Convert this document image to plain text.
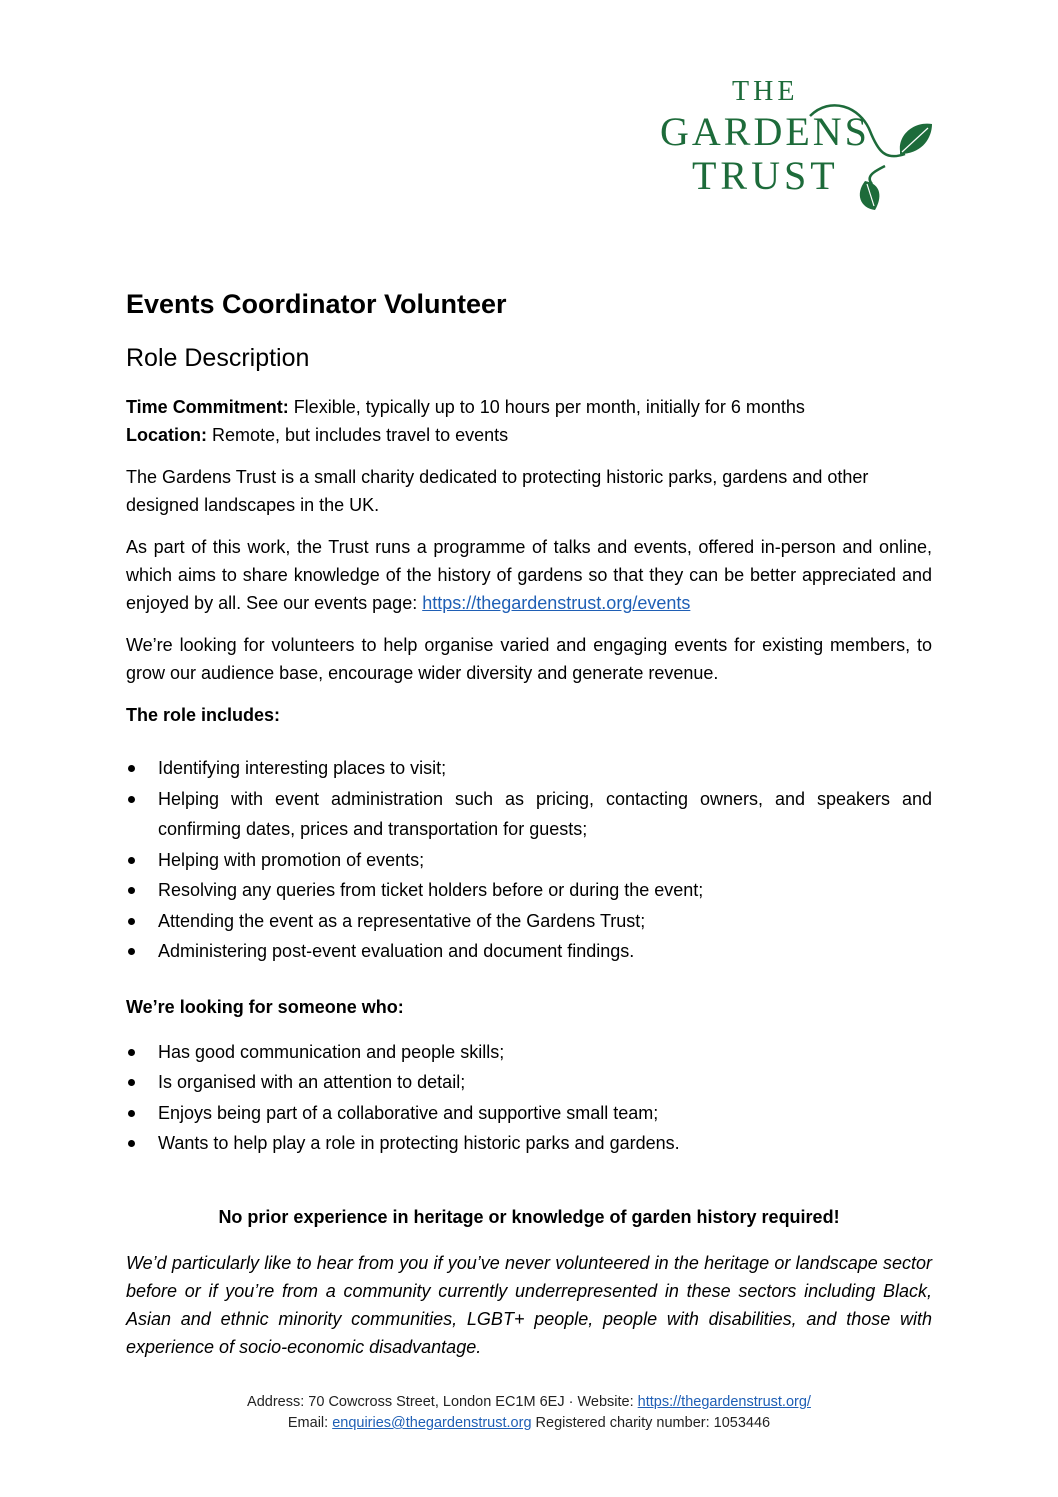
THE
GARDENS
TRUST
Events Coordinator Volunteer
Role Description

Time Commitment: Flexible, typically up to 10 hours per month, initially for 6 months

Location: Remote, but includes travel to events

The Gardens Trust is a small charity dedicated to protecting historic parks, gardens and other designed landscapes in the UK.

As part of this work, the Trust runs a programme of talks and events, offered in-person and online, which aims to share knowledge of the history of gardens so that they can be better appreciated and enjoyed by all. See our events page: https://thegardenstrust.org/events

We’re looking for volunteers to help organise varied and engaging events for existing members, to grow our audience base, encourage wider diversity and generate revenue.

The role includes:

Identifying interesting places to visit;
Helping with event administration such as pricing, contacting owners, and speakers and confirming dates, prices and transportation for guests;
Helping with promotion of events;
Resolving any queries from ticket holders before or during the event;
Attending the event as a representative of the Gardens Trust;
Administering post-event evaluation and document findings.

We’re looking for someone who:

Has good communication and people skills;
Is organised with an attention to detail;
Enjoys being part of a collaborative and supportive small team;
Wants to help play a role in protecting historic parks and gardens.

No prior experience in heritage or knowledge of garden history required!

We’d particularly like to hear from you if you’ve never volunteered in the heritage or landscape sector before or if you’re from a community currently underrepresented in these sectors including Black, Asian and ethnic minority communities, LGBT+ people, people with disabilities, and those with experience of socio-economic disadvantage.

Address: 70 Cowcross Street, London EC1M 6EJ · Website: https://thegardenstrust.org/
Email: enquiries@thegardenstrust.org Registered charity number: 1053446
